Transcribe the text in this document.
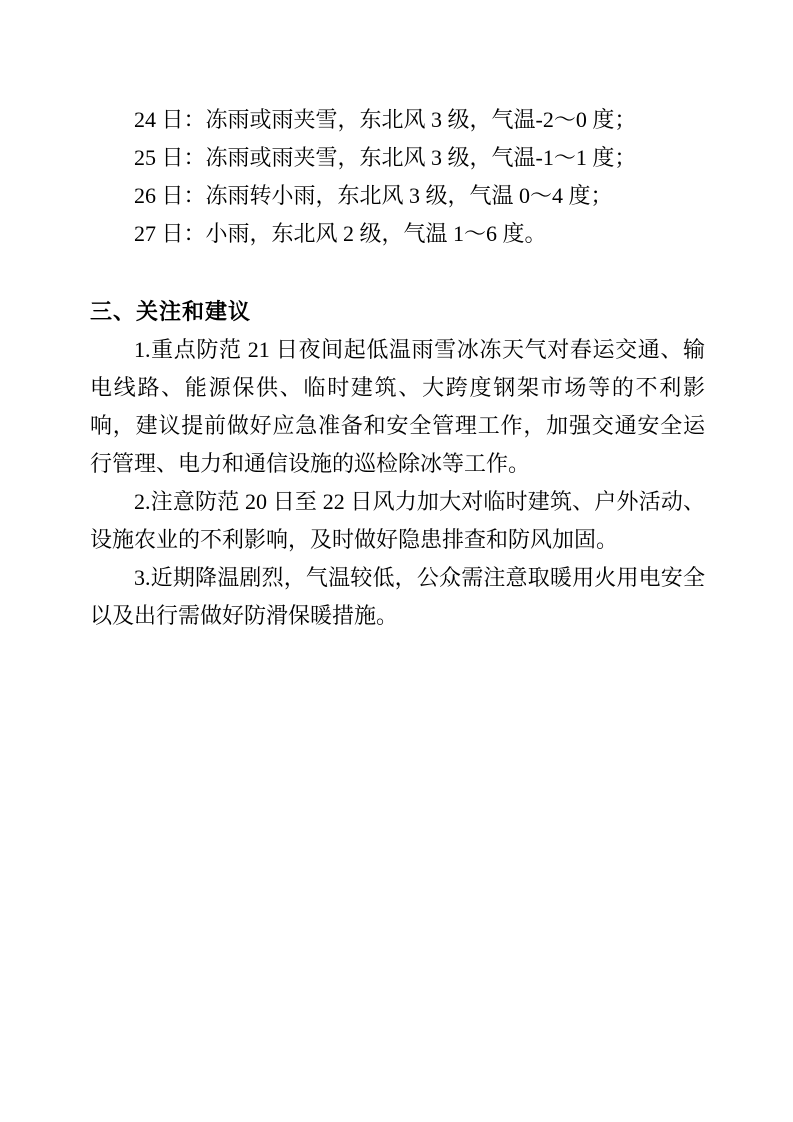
24 日：冻雨或雨夹雪，东北风 3 级，气温-2～0 度；
25 日：冻雨或雨夹雪，东北风 3 级，气温-1～1 度；
26 日：冻雨转小雨，东北风 3 级，气温 0～4 度；
27 日：小雨，东北风 2 级，气温 1～6 度。
三、关注和建议

1.重点防范 21 日夜间起低温雨雪冰冻天气对春运交通、输电线路、能源保供、临时建筑、大跨度钢架市场等的不利影响，建议提前做好应急准备和安全管理工作，加强交通安全运行管理、电力和通信设施的巡检除冰等工作。

2.注意防范 20 日至 22 日风力加大对临时建筑、户外活动、设施农业的不利影响，及时做好隐患排查和防风加固。

3.近期降温剧烈，气温较低，公众需注意取暖用火用电安全以及出行需做好防滑保暖措施。
